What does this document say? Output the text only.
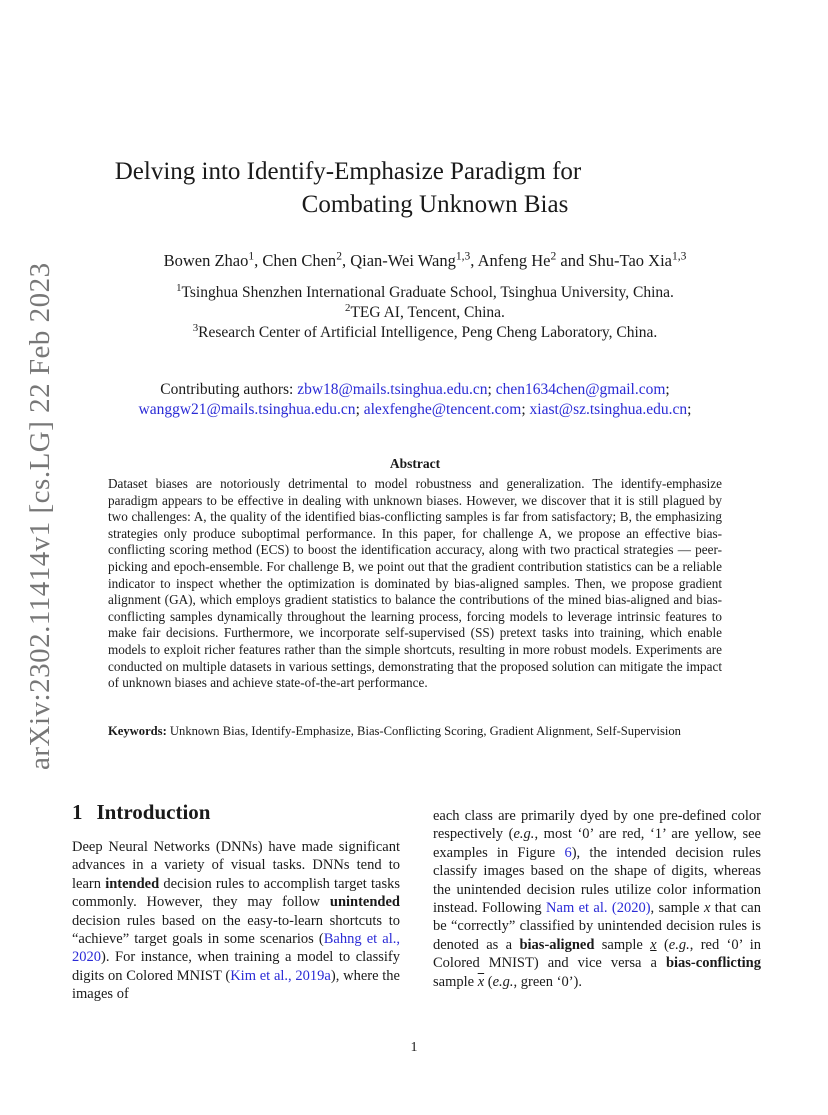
arXiv:2302.11414v1 [cs.LG] 22 Feb 2023
Delving into Identify-Emphasize Paradigm for
Combating Unknown Bias
Bowen Zhao$^1$, Chen Chen$^2$, Qian-Wei Wang$^{1,3}$, Anfeng He$^2$ and Shu-Tao Xia$^{1,3}$
$^1$Tsinghua Shenzhen International Graduate School, Tsinghua University, China.
$^2$TEG AI, Tencent, China.
$^3$Research Center of Artificial Intelligence, Peng Cheng Laboratory, China.
Contributing authors: zbw18@mails.tsinghua.edu.cn; chen1634chen@gmail.com;
wanggw21@mails.tsinghua.edu.cn; alexfenghe@tencent.com; xiast@sz.tsinghua.edu.cn;
Abstract
Dataset biases are notoriously detrimental to model robustness and generalization. The identify-emphasize paradigm appears to be effective in dealing with unknown biases. However, we discover that it is still plagued by two challenges: A, the quality of the identified bias-conflicting samples is far from satisfactory; B, the emphasizing strategies only produce suboptimal performance. In this paper, for challenge A, we propose an effective bias-conflicting scoring method (ECS) to boost the identification accuracy, along with two practical strategies — peer-picking and epoch-ensemble. For challenge B, we point out that the gradient contribution statistics can be a reliable indicator to inspect whether the optimization is dominated by bias-aligned samples. Then, we propose gradient alignment (GA), which employs gradient statistics to balance the contributions of the mined bias-aligned and bias-conflicting samples dynamically throughout the learning process, forcing models to leverage intrinsic features to make fair decisions. Furthermore, we incorporate self-supervised (SS) pretext tasks into training, which enable models to exploit richer features rather than the simple shortcuts, resulting in more robust models. Experiments are conducted on multiple datasets in various settings, demonstrating that the proposed solution can mitigate the impact of unknown biases and achieve state-of-the-art performance.
Keywords: Unknown Bias, Identify-Emphasize, Bias-Conflicting Scoring, Gradient Alignment, Self-Supervision
1 Introduction
Deep Neural Networks (DNNs) have made significant advances in a variety of visual tasks. DNNs tend to learn intended decision rules to accomplish target tasks commonly. However, they may follow unintended decision rules based on the easy-to-learn shortcuts to “achieve” target goals in some scenarios (Bahng et al., 2020). For instance, when training a model to classify digits on Colored MNIST (Kim et al., 2019a), where the images of
each class are primarily dyed by one pre-defined color respectively (e.g., most ‘0’ are red, ‘1’ are yellow, see examples in Figure 6), the intended decision rules classify images based on the shape of digits, whereas the unintended decision rules utilize color information instead. Following Nam et al. (2020), sample x that can be “correctly” classified by unintended decision rules is denoted as a bias-aligned sample x (e.g., red ‘0’ in Colored MNIST) and vice versa a bias-conflicting sample $\overline{x}$ (e.g., green ‘0’).
1
